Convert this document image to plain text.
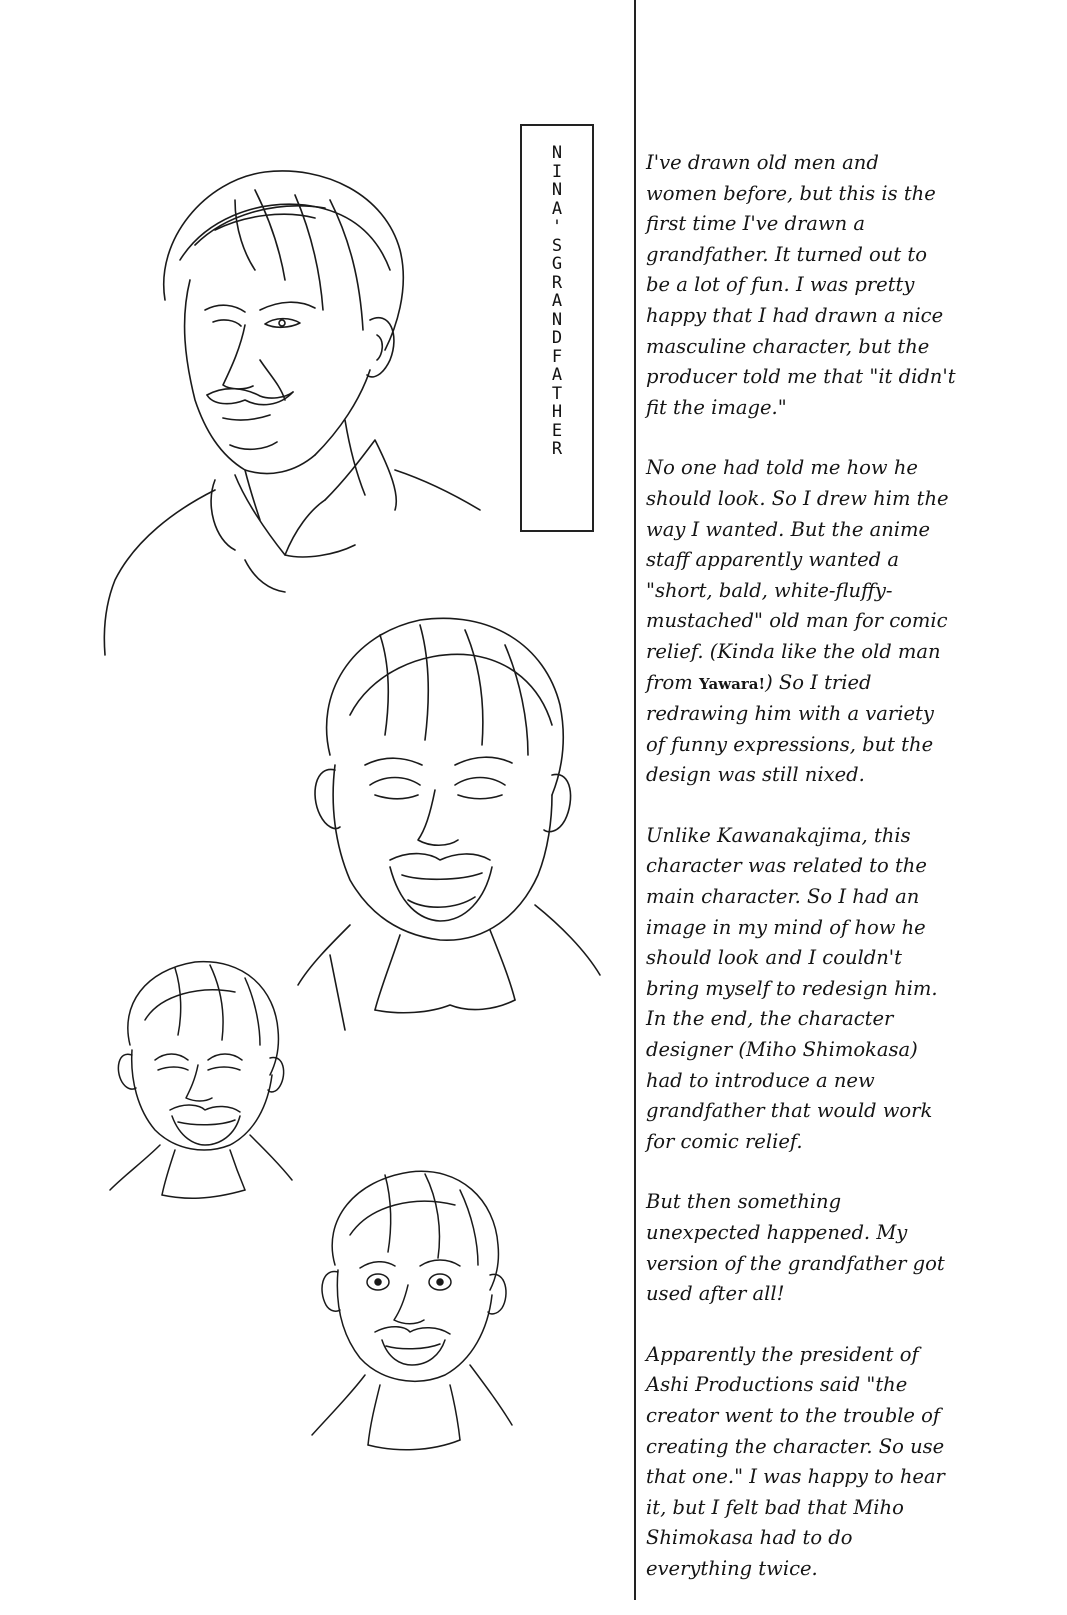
NINA'S GRANDFATHER

I've drawn old men and women before, but this is the first time I've drawn a grandfather. It turned out to be a lot of fun. I was pretty happy that I had drawn a nice masculine character, but the producer told me that "it didn't fit the image."

No one had told me how he should look. So I drew him the way I wanted. But the anime staff apparently wanted a "short, bald, white-fluffy-mustached" old man for comic relief. (Kinda like the old man from Yawara!) So I tried redrawing him with a variety of funny expressions, but the design was still nixed.

Unlike Kawanakajima, this character was related to the main character. So I had an image in my mind of how he should look and I couldn't bring myself to redesign him. In the end, the character designer (Miho Shimokasa) had to introduce a new grandfather that would work for comic relief.

But then something unexpected happened. My version of the grandfather got used after all!

Apparently the president of Ashi Productions said "the creator went to the trouble of creating the character. So use that one." I was happy to hear it, but I felt bad that Miho Shimokasa had to do everything twice.
